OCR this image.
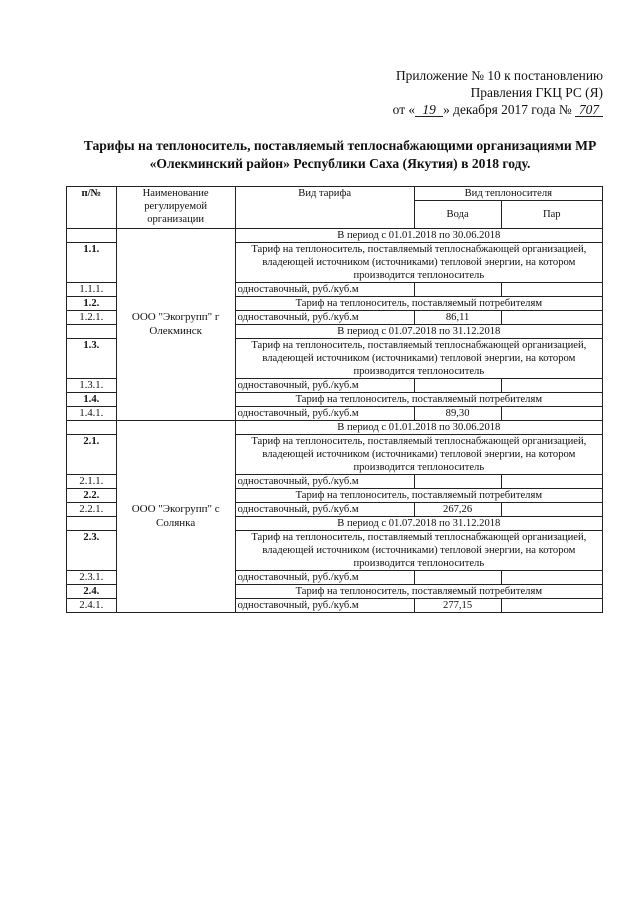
Приложение № 10 к постановлению
Правления ГКЦ РС (Я)
от « 19 » декабря 2017 года № 707
Тарифы на теплоноситель, поставляемый теплоснабжающими организациями МР
«Олекминский район» Республики Саха (Якутия) в 2018 году.
п/№	Наименование регулируемой организации	Вид тарифа	Вид теплоносителя	
			Вода	Пар
	ООО "Экогрупп" г Олекминск	В период с 01.01.2018 по 30.06.2018		
1.1.		Тариф на теплоноситель, поставляемый теплоснабжающей организацией, владеющей источником (источниками) тепловой энергии, на котором производится теплоноситель		
1.1.1.		одноставочный, руб./куб.м		
1.2.		Тариф на теплоноситель, поставляемый потребителям		
1.2.1.		одноставочный, руб./куб.м	86,11	
		В период с 01.07.2018 по 31.12.2018		
1.3.		Тариф на теплоноситель, поставляемый теплоснабжающей организацией, владеющей источником (источниками) тепловой энергии, на котором производится теплоноситель		
1.3.1.		одноставочный, руб./куб.м		
1.4.		Тариф на теплоноситель, поставляемый потребителям		
1.4.1.		одноставочный, руб./куб.м	89,30	
	ООО "Экогрупп" с Солянка	В период с 01.01.2018 по 30.06.2018		
2.1.		Тариф на теплоноситель, поставляемый теплоснабжающей организацией, владеющей источником (источниками) тепловой энергии, на котором производится теплоноситель		
2.1.1.		одноставочный, руб./куб.м		
2.2.		Тариф на теплоноситель, поставляемый потребителям		
2.2.1.		одноставочный, руб./куб.м	267,26	
		В период с 01.07.2018 по 31.12.2018		
2.3.		Тариф на теплоноситель, поставляемый теплоснабжающей организацией, владеющей источником (источниками) тепловой энергии, на котором производится теплоноситель		
2.3.1.		одноставочный, руб./куб.м		
2.4.		Тариф на теплоноситель, поставляемый потребителям		
2.4.1.		одноставочный, руб./куб.м	277,15	
